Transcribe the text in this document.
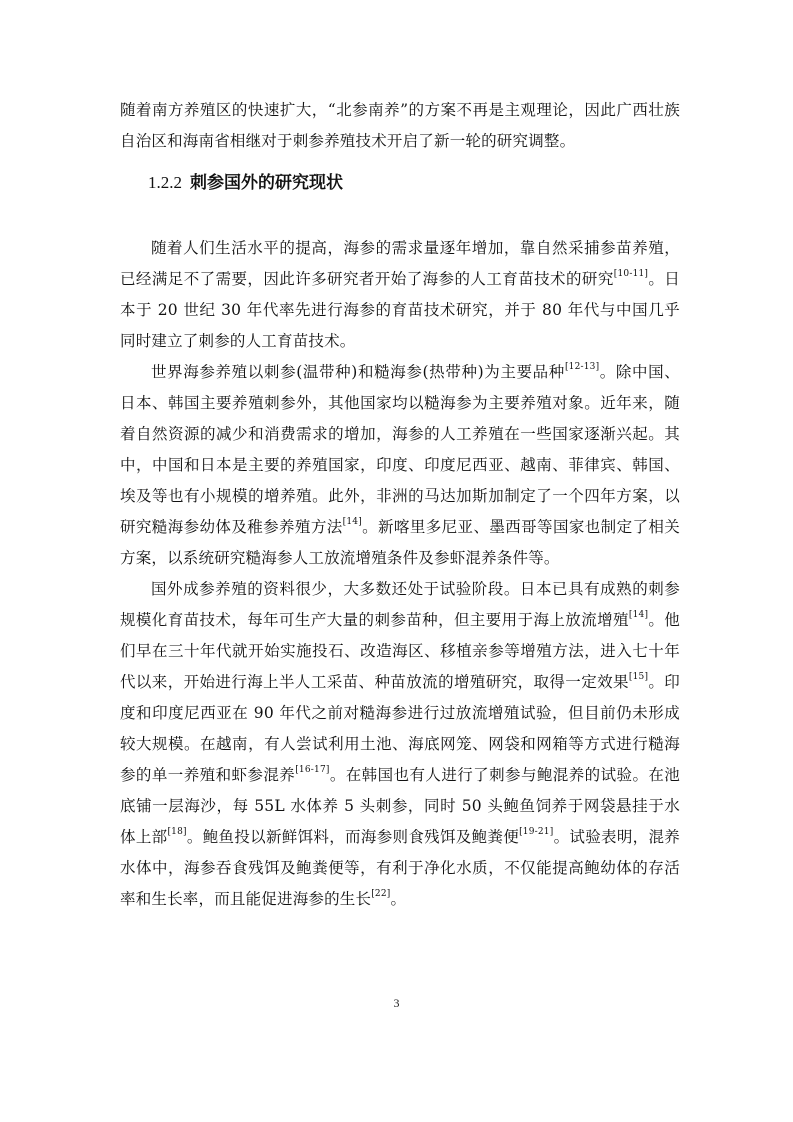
随着南方养殖区的快速扩大，“北参南养”的方案不再是主观理论，因此广西壮族自治区和海南省相继对于刺参养殖技术开启了新一轮的研究调整。

1.2.2 刺参国外的研究现状

随着人们生活水平的提高，海参的需求量逐年增加，靠自然采捕参苗养殖，已经满足不了需要，因此许多研究者开始了海参的人工育苗技术的研究[10-11]。日本于 20 世纪 30 年代率先进行海参的育苗技术研究，并于 80 年代与中国几乎同时建立了刺参的人工育苗技术。

世界海参养殖以刺参(温带种)和糙海参(热带种)为主要品种[12-13]。除中国、日本、韩国主要养殖刺参外，其他国家均以糙海参为主要养殖对象。近年来，随着自然资源的减少和消费需求的增加，海参的人工养殖在一些国家逐渐兴起。其中，中国和日本是主要的养殖国家，印度、印度尼西亚、越南、菲律宾、韩国、埃及等也有小规模的增养殖。此外，非洲的马达加斯加制定了一个四年方案，以研究糙海参幼体及稚参养殖方法[14]。新喀里多尼亚、墨西哥等国家也制定了相关方案，以系统研究糙海参人工放流增殖条件及参虾混养条件等。

国外成参养殖的资料很少，大多数还处于试验阶段。日本已具有成熟的刺参规模化育苗技术，每年可生产大量的刺参苗种，但主要用于海上放流增殖[14]。他们早在三十年代就开始实施投石、改造海区、移植亲参等增殖方法，进入七十年代以来，开始进行海上半人工采苗、种苗放流的增殖研究，取得一定效果[15]。印度和印度尼西亚在 90 年代之前对糙海参进行过放流增殖试验，但目前仍未形成较大规模。在越南，有人尝试利用土池、海底网笼、网袋和网箱等方式进行糙海参的单一养殖和虾参混养[16-17]。在韩国也有人进行了刺参与鲍混养的试验。在池底铺一层海沙，每 55L 水体养 5 头刺参，同时 50 头鲍鱼饲养于网袋悬挂于水体上部[18]。鲍鱼投以新鲜饵料，而海参则食残饵及鲍粪便[19-21]。试验表明，混养水体中，海参吞食残饵及鲍粪便等，有利于净化水质，不仅能提高鲍幼体的存活率和生长率，而且能促进海参的生长[22]。

3
